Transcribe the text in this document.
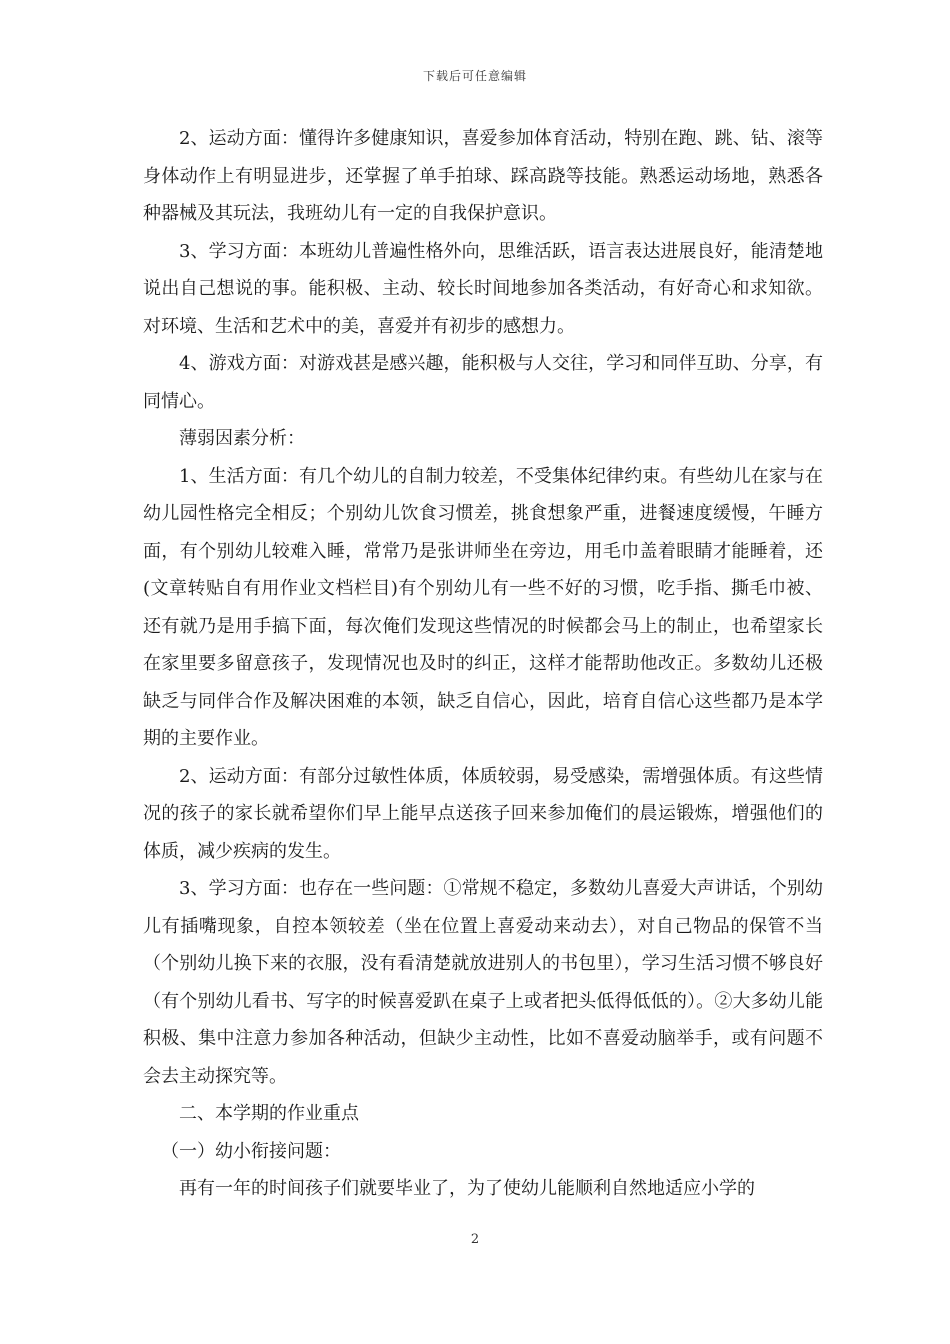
下载后可任意编辑

2、运动方面：懂得许多健康知识，喜爱参加体育活动，特别在跑、跳、钻、滚等身体动作上有明显进步，还掌握了单手拍球、踩高跷等技能。熟悉运动场地，熟悉各种器械及其玩法，我班幼儿有一定的自我保护意识。

3、学习方面：本班幼儿普遍性格外向，思维活跃，语言表达进展良好，能清楚地说出自己想说的事。能积极、主动、较长时间地参加各类活动，有好奇心和求知欲。对环境、生活和艺术中的美，喜爱并有初步的感想力。

4、游戏方面：对游戏甚是感兴趣，能积极与人交往，学习和同伴互助、分享，有同情心。

薄弱因素分析：

1、生活方面：有几个幼儿的自制力较差，不受集体纪律约束。有些幼儿在家与在幼儿园性格完全相反；个别幼儿饮食习惯差，挑食想象严重，进餐速度缓慢，午睡方面，有个别幼儿较难入睡，常常乃是张讲师坐在旁边，用毛巾盖着眼睛才能睡着，还(文章转贴自有用作业文档栏目)有个别幼儿有一些不好的习惯，吃手指、撕毛巾被、还有就乃是用手搞下面，每次俺们发现这些情况的时候都会马上的制止，也希望家长在家里要多留意孩子，发现情况也及时的纠正，这样才能帮助他改正。多数幼儿还极缺乏与同伴合作及解决困难的本领，缺乏自信心，因此，培育自信心这些都乃是本学期的主要作业。

2、运动方面：有部分过敏性体质，体质较弱，易受感染，需增强体质。有这些情况的孩子的家长就希望你们早上能早点送孩子回来参加俺们的晨运锻炼，增强他们的体质，减少疾病的发生。

3、学习方面：也存在一些问题：①常规不稳定，多数幼儿喜爱大声讲话，个别幼儿有插嘴现象，自控本领较差（坐在位置上喜爱动来动去），对自己物品的保管不当（个别幼儿换下来的衣服，没有看清楚就放进别人的书包里），学习生活习惯不够良好（有个别幼儿看书、写字的时候喜爱趴在桌子上或者把头低得低低的）。②大多幼儿能积极、集中注意力参加各种活动，但缺少主动性，比如不喜爱动脑举手，或有问题不会去主动探究等。

二、本学期的作业重点

（一）幼小衔接问题：

再有一年的时间孩子们就要毕业了，为了使幼儿能顺利自然地适应小学的

2
